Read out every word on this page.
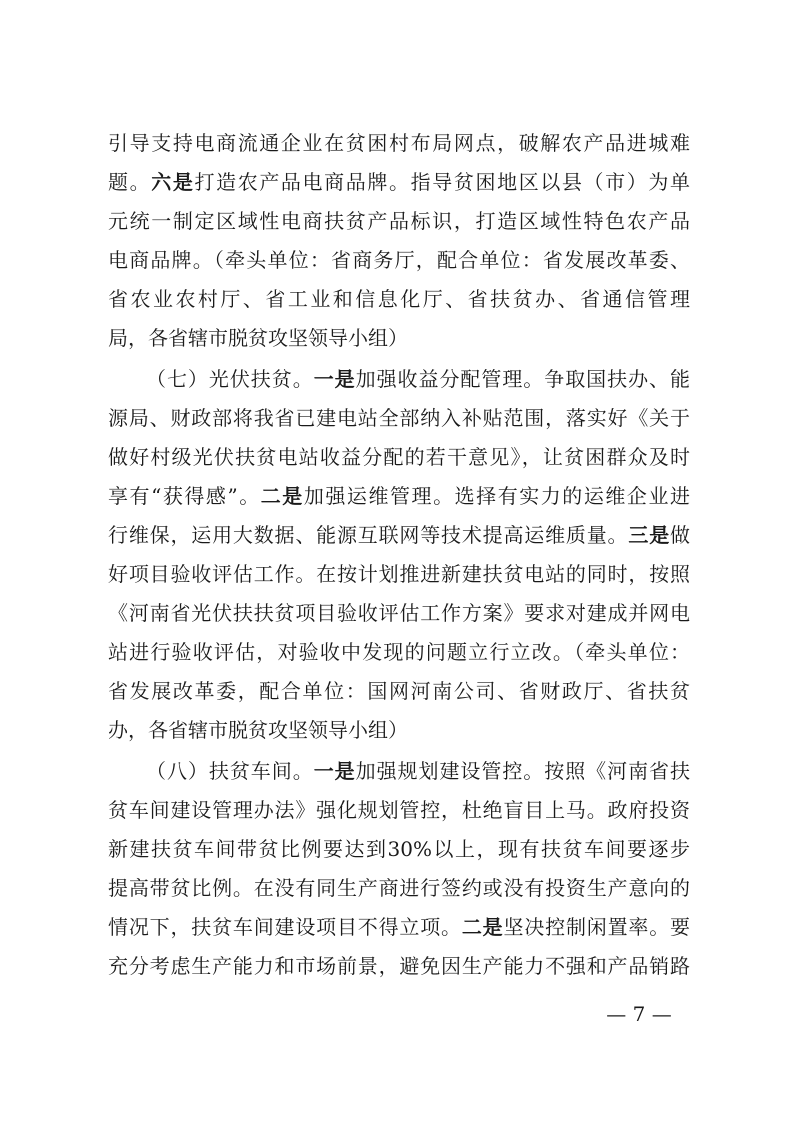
引导支持电商流通企业在贫困村布局网点，破解农产品进城难
题。六是打造农产品电商品牌。指导贫困地区以县（市）为单
元统一制定区域性电商扶贫产品标识，打造区域性特色农产品
电商品牌。（牵头单位：省商务厅，配合单位：省发展改革委、
省农业农村厅、省工业和信息化厅、省扶贫办、省通信管理
局，各省辖市脱贫攻坚领导小组）
（七）光伏扶贫。一是加强收益分配管理。争取国扶办、能
源局、财政部将我省已建电站全部纳入补贴范围，落实好《关于
做好村级光伏扶贫电站收益分配的若干意见》，让贫困群众及时
享有“获得感”。二是加强运维管理。选择有实力的运维企业进
行维保，运用大数据、能源互联网等技术提高运维质量。三是做
好项目验收评估工作。在按计划推进新建扶贫电站的同时，按照
《河南省光伏扶扶贫项目验收评估工作方案》要求对建成并网电
站进行验收评估，对验收中发现的问题立行立改。（牵头单位：
省发展改革委，配合单位：国网河南公司、省财政厅、省扶贫
办，各省辖市脱贫攻坚领导小组）
（八）扶贫车间。一是加强规划建设管控。按照《河南省扶
贫车间建设管理办法》强化规划管控，杜绝盲目上马。政府投资
新建扶贫车间带贫比例要达到30%以上，现有扶贫车间要逐步
提高带贫比例。在没有同生产商进行签约或没有投资生产意向的
情况下，扶贫车间建设项目不得立项。二是坚决控制闲置率。要
充分考虑生产能力和市场前景，避免因生产能力不强和产品销路
— 7 —
